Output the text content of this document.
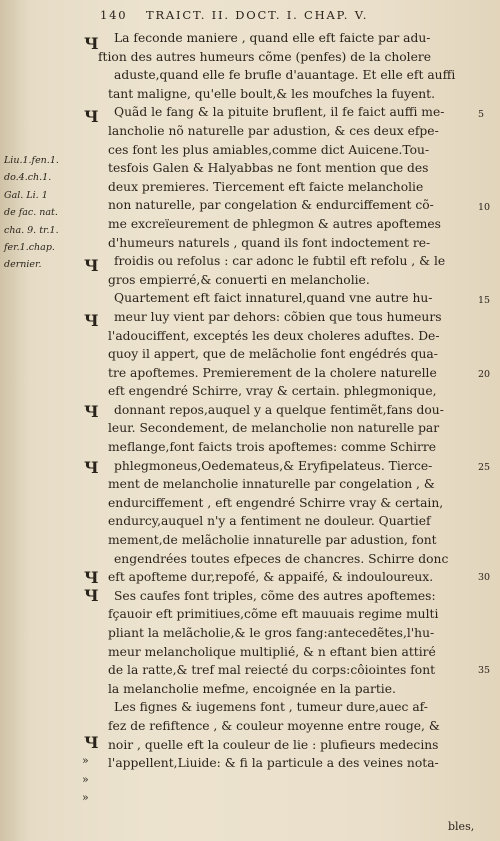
140 TRAICT. II. DOCT. I. CHAP. V.
Ч
Ч
Ч
Ч
Ч
Ч
Ч
Ч
Ч
»
»
»
Liu.1.fen.1.
do.4.ch.1.
Gal. Li. 1
de fac. nat.
cha. 9. tr.1.
fer.1.chap.
dernier.
5
10
15
20
25
30
35
La feconde maniere , quand elle eft faicte par adu-
ftion des autres humeurs cõme (penfes) de la cholere
aduste,quand elle fe brufle d'auantage. Et elle eft auffi
tant maligne, qu'elle boult,& les moufches la fuyent.
Quãd le fang & la pituite bruflent, il fe faict auffi me-
lancholie nõ naturelle par adustion, & ces deux efpe-
ces font les plus amiables,comme dict Auicene.Tou-
tesfois Galen & Halyabbas ne font mention que des
deux premieres. Tiercement eft faicte melancholie
non naturelle, par congelation & endurciffement cõ-
me excreïeurement de phlegmon & autres apoftemes
d'humeurs naturels , quand ils font indoctement re-
froidis ou refolus : car adonc le fubtil eft refolu , & le
gros empierré,& conuerti en melancholie.
Quartement eft faict innaturel,quand vne autre hu-
meur luy vient par dehors: cõbien que tous humeurs
l'adouciffent, exceptés les deux choleres aduftes. De-
quoy il appert, que de melãcholie font engédrés qua-
tre apoftemes. Premierement de la cholere naturelle
eft engendré Schirre, vray & certain. phlegmonique,
donnant repos,auquel y a quelque fentimẽt,fans dou-
leur. Secondement, de melancholie non naturelle par
meflange,font faicts trois apoftemes: comme Schirre
phlegmoneus,Oedemateus,& Eryfipelateus. Tierce-
ment de melancholie innaturelle par congelation , &
endurciffement , eft engendré Schirre vray & certain,
endurcy,auquel n'y a fentiment ne douleur. Quartief
mement,de melãcholie innaturelle par adustion, font
engendrées toutes efpeces de chancres. Schirre donc
eft apofteme dur,repofé, & appaifé, & indouloureux.
Ses caufes font triples, cõme des autres apoftemes:
fçauoir eft primitiues,cõme eft mauuais regime multi
pliant la melãcholie,& le gros fang:antecedẽtes,l'hu-
meur melancholique multiplié, & n eftant bien attiré
de la ratte,& tref mal reiecté du corps:côiointes font
la melancholie mefme, encoignée en la partie.
Les fignes & iugemens font , tumeur dure,auec af-
fez de refiftence , & couleur moyenne entre rouge, &
noir , quelle eft la couleur de lie : plufieurs medecins
l'appellent,Liuide: & fi la particule a des veines nota-
bles,
